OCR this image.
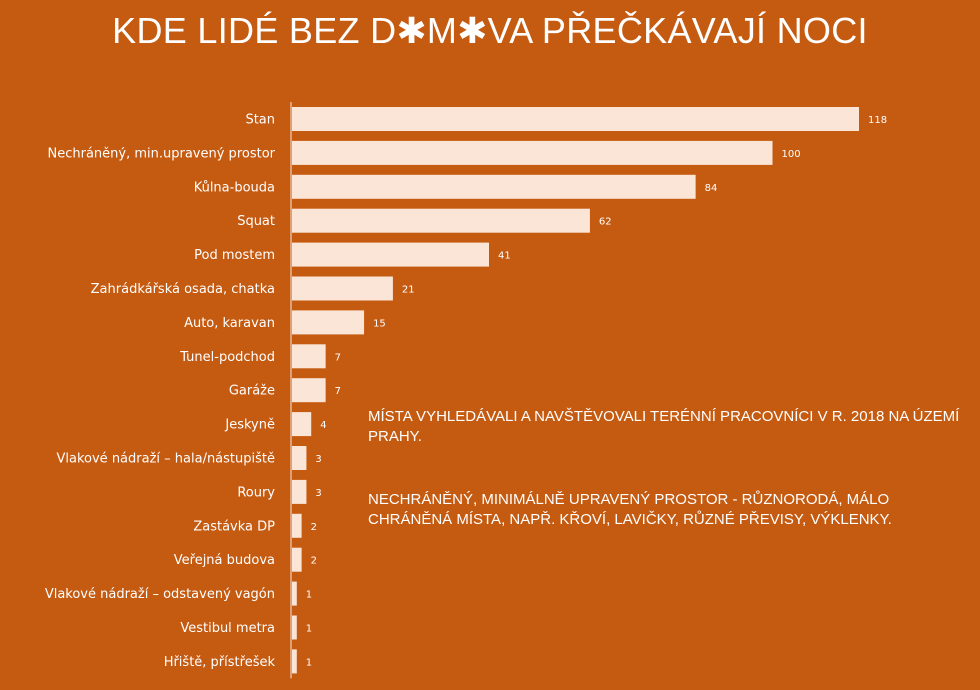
KDE LIDÉ BEZ D✱M✱VA PŘEČKÁVAJÍ NOCI
Stan	118
Nechráněný, min.upravený prostor	100
Kůlna-bouda	84
Squat	62
Pod mostem	41
Zahrádkářská osada, chatka	21
Auto, karavan	15
Tunel-podchod	7
Garáže	7
Jeskyně	4
Vlakové nádraží – hala/nástupiště	3
Roury	3
Zastávka DP	2
Veřejná budova	2
Vlakové nádraží – odstavený vagón	1
Vestibul metra	1
Hřiště, přístřešek	1
MÍSTA VYHLEDÁVALI A NAVŠTĚVOVALI TERÉNNÍ PRACOVNÍCI V R. 2018 NA ÚZEMÍ PRAHY.
NECHRÁNĚNÝ, MINIMÁLNĚ UPRAVENÝ PROSTOR - RŮZNORODÁ, MÁLO CHRÁNĚNÁ MÍSTA, NAPŘ. KŘOVÍ, LAVIČKY, RŮZNÉ PŘEVISY, VÝKLENKY.
